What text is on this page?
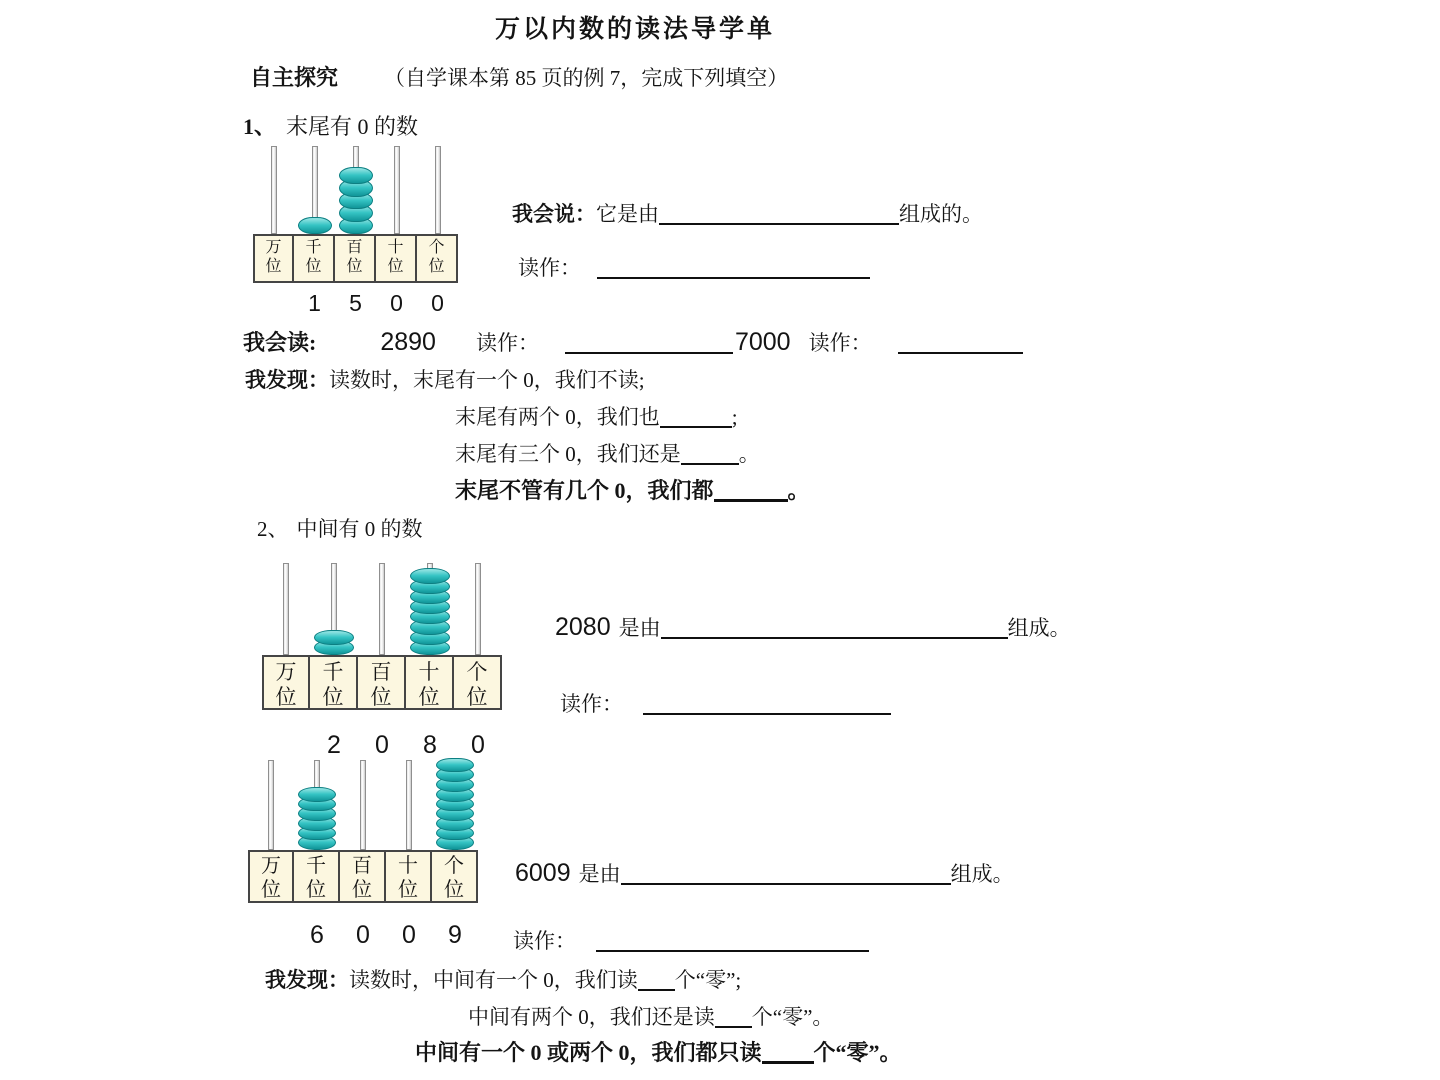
万以内数的读法导学单
自主探究 （自学课本第 85 页的例 7，完成下列填空）
1、 末尾有 0 的数
万
位
千
位
百
位
十
位
个
位
1	5	0	0
我会说：它是由	组成的。
读作：
我会读:	2890 读作：	7000 读作：
我发现：读数时，末尾有一个 0，我们不读;
末尾有两个 0，我们也	;
末尾有三个 0，我们还是	。
末尾不管有几个 0，我们都	。
2、 中间有 0 的数
万
位
千
位
百
位
十
位
个
位
2	0	8	0
2080 是由	组成。
读作：
万
位
千
位
百
位
十
位
个
位
6	0	0	9
6009 是由	组成。
读作：
我发现：读数时，中间有一个 0，我们读 个“零”;
中间有两个 0，我们还是读 个“零”。
中间有一个 0 或两个 0，我们都只读 个“零”。
